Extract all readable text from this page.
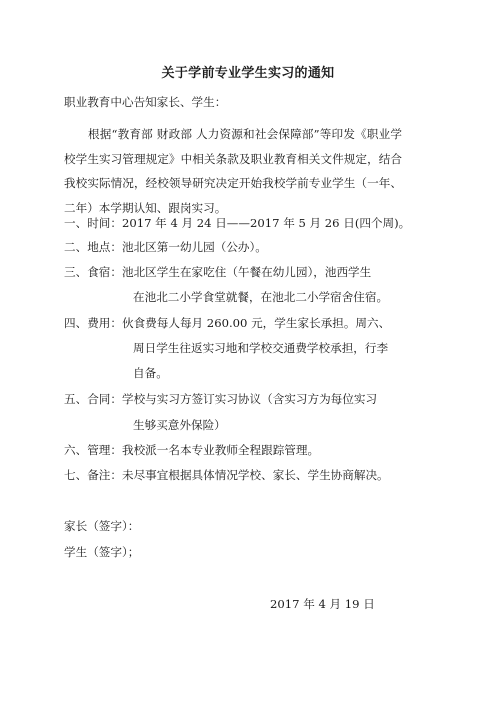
关于学前专业学生实习的通知
职业教育中心告知家长、学生：
根据“教育部 财政部 人力资源和社会保障部”等印发《职业学校学生实习管理规定》中相关条款及职业教育相关文件规定，结合我校实际情况，经校领导研究决定开始我校学前专业学生（一年、二年）本学期认知、跟岗实习。
一、时间：2017 年 4 月 24 日——2017 年 5 月 26 日(四个周)。
二、地点：池北区第一幼儿园（公办）。
三、食宿：池北区学生在家吃住（午餐在幼儿园），池西学生
在池北二小学食堂就餐，在池北二小学宿舍住宿。
四、费用：伙食费每人每月 260.00 元，学生家长承担。周六、
周日学生往返实习地和学校交通费学校承担，行李
自备。
五、合同：学校与实习方签订实习协议（含实习方为每位实习
生够买意外保险）
六、管理：我校派一名本专业教师全程跟踪管理。
七、备注：未尽事宜根据具体情况学校、家长、学生协商解决。
家长（签字）：
学生（签字）；
2017 年 4 月 19 日
